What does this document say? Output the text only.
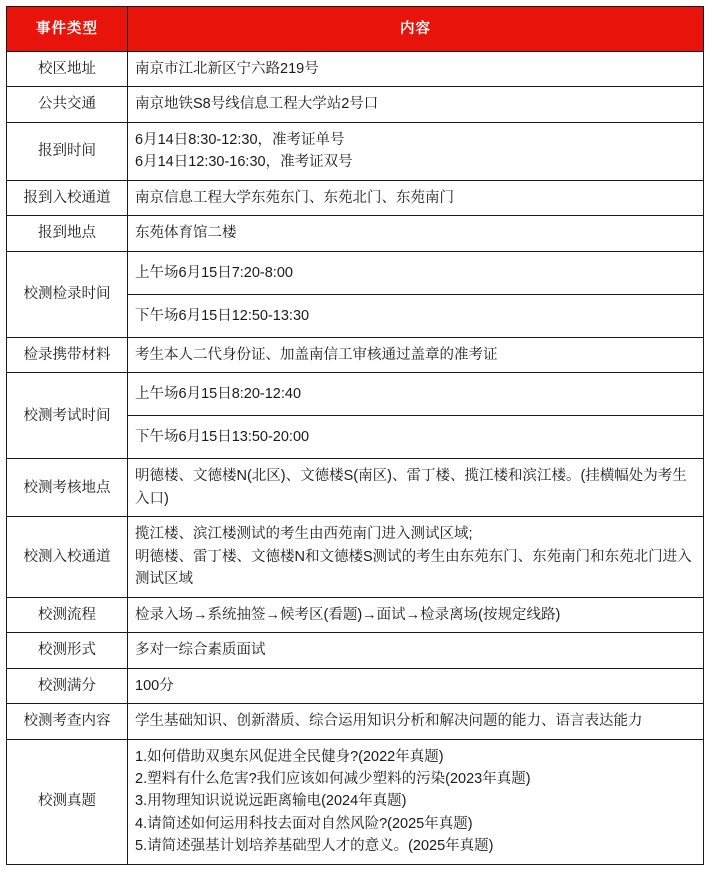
事件类型	内容
校区地址	南京市江北新区宁六路219号

公共交通	南京地铁S8号线信息工程大学站2号口

报到时间	6月14日8:30-12:30，准考证单号
6月14日12:30-16:30，准考证双号

报到入校通道	南京信息工程大学东苑东门、东苑北门、东苑南门

报到地点	东苑体育馆二楼

校测检录时间	上午场6月15日7:20-8:00
	下午场6月15日12:50-13:30
检录携带材料	考生本人二代身份证、加盖南信工审核通过盖章的准考证

校测考试时间	上午场6月15日8:20-12:40
	下午场6月15日13:50-20:00
校测考核地点	明德楼、文德楼N(北区)、文德楼S(南区)、雷丁楼、揽江楼和滨江楼。(挂横幅处为考生入口)

校测入校通道	揽江楼、滨江楼测试的考生由西苑南门进入测试区域;
明德楼、雷丁楼、文德楼N和文德楼S测试的考生由东苑东门、东苑南门和东苑北门进入测试区域

校测流程	检录入场→系统抽签→候考区(看题)→面试→检录离场(按规定线路)

校测形式	多对一综合素质面试

校测满分	100分

校测考查内容	学生基础知识、创新潜质、综合运用知识分析和解决问题的能力、语言表达能力

校测真题	1.如何借助双奥东风促进全民健身?(2022年真题)
2.塑料有什么危害?我们应该如何减少塑料的污染(2023年真题)
3.用物理知识说说远距离输电(2024年真题)
4.请简述如何运用科技去面对自然风险?(2025年真题)
5.请简述强基计划培养基础型人才的意义。(2025年真题)
